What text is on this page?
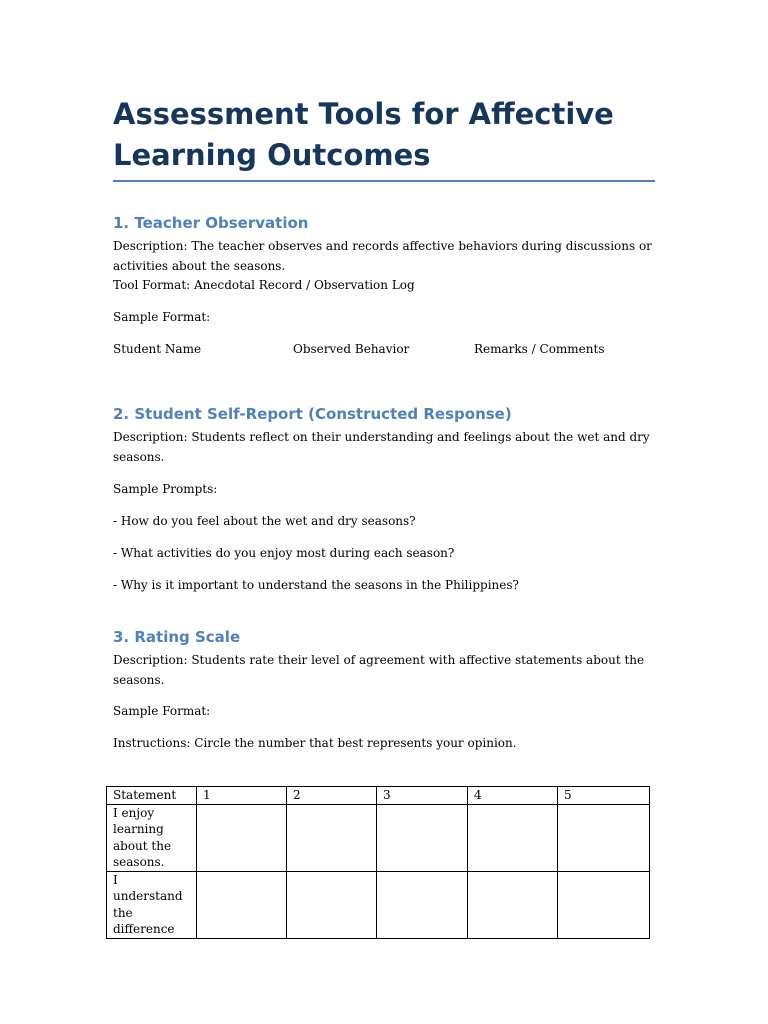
Assessment Tools for Affective Learning Outcomes
1. Teacher Observation

Description: The teacher observes and records affective behaviors during discussions or activities about the seasons.

Tool Format: Anecdotal Record / Observation Log

Sample Format:

Student Name	Observed Behavior	Remarks / Comments
2. Student Self-Report (Constructed Response)

Description: Students reflect on their understanding and feelings about the wet and dry seasons.

Sample Prompts:

- How do you feel about the wet and dry seasons?

- What activities do you enjoy most during each season?

- Why is it important to understand the seasons in the Philippines?

3. Rating Scale

Description: Students rate their level of agreement with affective statements about the seasons.

Sample Format:

Instructions: Circle the number that best represents your opinion.

Statement	1	2	3	4	5
I enjoy learning about the seasons.					
I understand the difference					
